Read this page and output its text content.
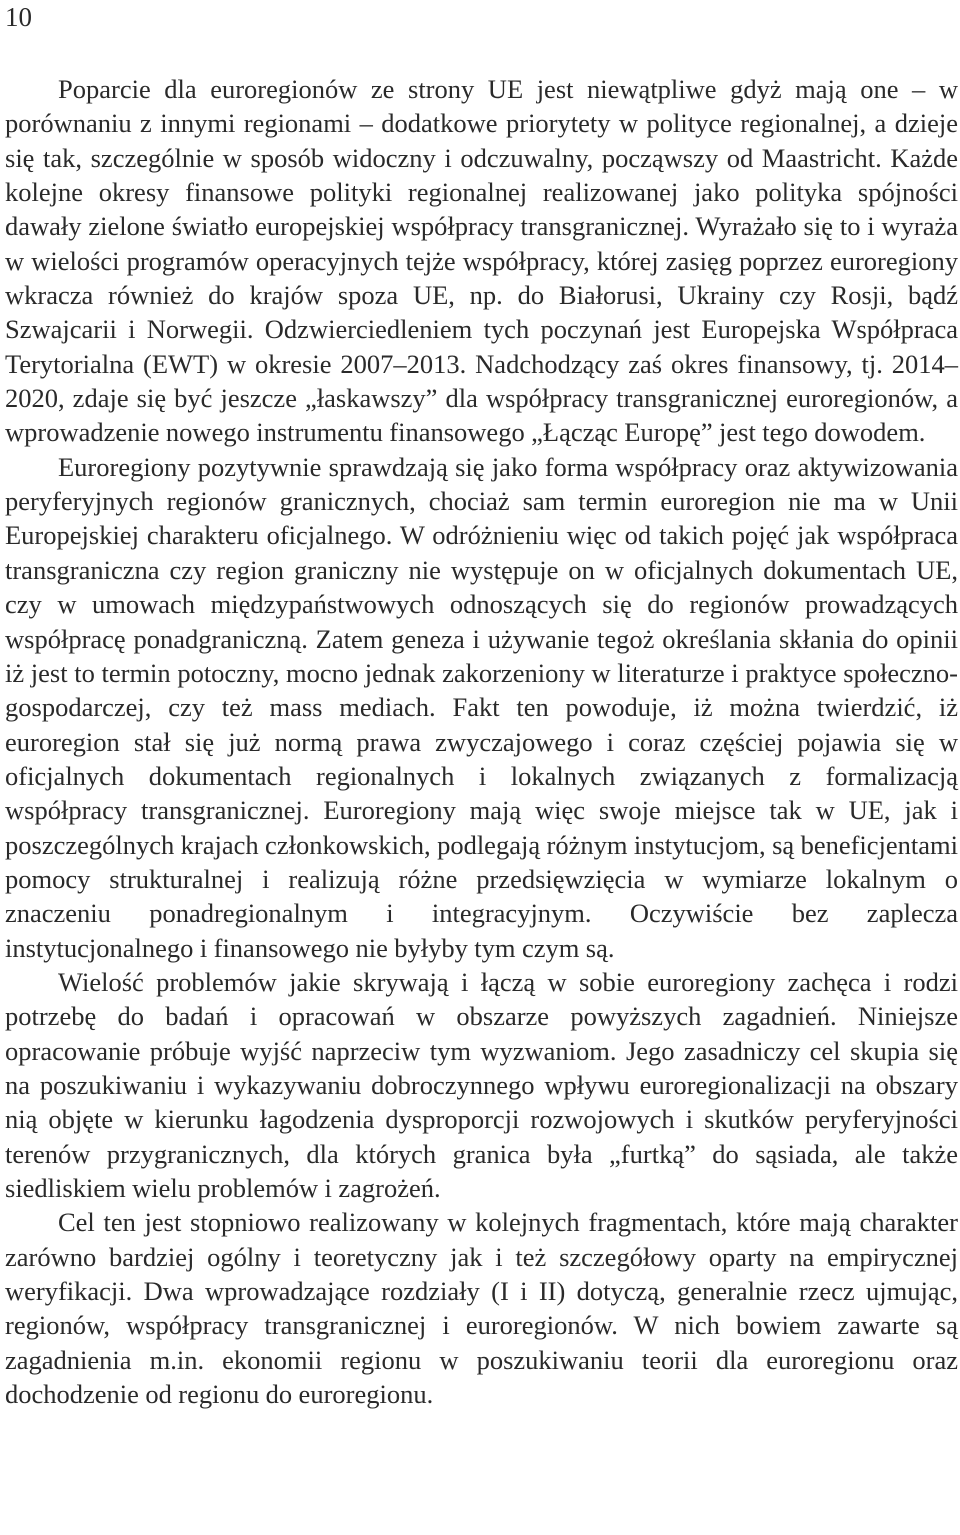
10

Poparcie dla euroregionów ze strony UE jest niewątpliwe gdyż mają one – w porównaniu z innymi regionami – dodatkowe priorytety w polityce regionalnej, a dzieje się tak, szczególnie w sposób widoczny i odczuwalny, począwszy od Maastricht. Każde kolejne okresy finansowe polityki regionalnej realizowanej jako polityka spójności dawały zielone światło europejskiej współpracy transgranicznej. Wyrażało się to i wyraża w wielości programów operacyjnych tejże współpracy, której zasięg poprzez euroregiony wkracza również do krajów spoza UE, np. do Białorusi, Ukrainy czy Rosji, bądź Szwajcarii i Norwegii. Odzwierciedleniem tych poczynań jest Europejska Współpraca Terytorialna (EWT) w okresie 2007–2013. Nadchodzący zaś okres finansowy, tj. 2014–2020, zdaje się być jeszcze „łaskawszy” dla współpracy transgranicznej euroregionów, a wprowadzenie nowego instrumentu finansowego „Łącząc Europę” jest tego dowodem.

Euroregiony pozytywnie sprawdzają się jako forma współpracy oraz aktywizowania peryferyjnych regionów granicznych, chociaż sam termin euroregion nie ma w Unii Europejskiej charakteru oficjalnego. W odróżnieniu więc od takich pojęć jak współpraca transgraniczna czy region graniczny nie występuje on w oficjalnych dokumentach UE, czy w umowach międzypaństwowych odnoszących się do regionów prowadzących współpracę ponadgraniczną. Zatem geneza i używanie tegoż określania skłania do opinii iż jest to termin potoczny, mocno jednak zakorzeniony w literaturze i praktyce społeczno-gospodarczej, czy też mass mediach. Fakt ten powoduje, iż można twierdzić, iż euroregion stał się już normą prawa zwyczajowego i coraz częściej pojawia się w oficjalnych dokumentach regionalnych i lokalnych związanych z formalizacją współpracy transgranicznej. Euroregiony mają więc swoje miejsce tak w UE, jak i poszczególnych krajach członkowskich, podlegają różnym instytucjom, są beneficjentami pomocy strukturalnej i realizują różne przedsięwzięcia w wymiarze lokalnym o znaczeniu ponadregionalnym i integracyjnym. Oczywiście bez zaplecza instytucjonalnego i finansowego nie byłyby tym czym są.

Wielość problemów jakie skrywają i łączą w sobie euroregiony zachęca i rodzi potrzebę do badań i opracowań w obszarze powyższych zagadnień. Niniejsze opracowanie próbuje wyjść naprzeciw tym wyzwaniom. Jego zasadniczy cel skupia się na poszukiwaniu i wykazywaniu dobroczynnego wpływu euroregionalizacji na obszary nią objęte w kierunku łagodzenia dysproporcji rozwojowych i skutków peryferyjności terenów przygranicznych, dla których granica była „furtką” do sąsiada, ale także siedliskiem wielu problemów i zagrożeń.

Cel ten jest stopniowo realizowany w kolejnych fragmentach, które mają charakter zarówno bardziej ogólny i teoretyczny jak i też szczegółowy oparty na empirycznej weryfikacji. Dwa wprowadzające rozdziały (I i II) dotyczą, generalnie rzecz ujmując, regionów, współpracy transgranicznej i euroregionów. W nich bowiem zawarte są zagadnienia m.in. ekonomii regionu w poszukiwaniu teorii dla euroregionu oraz dochodzenie od regionu do euroregionu.
